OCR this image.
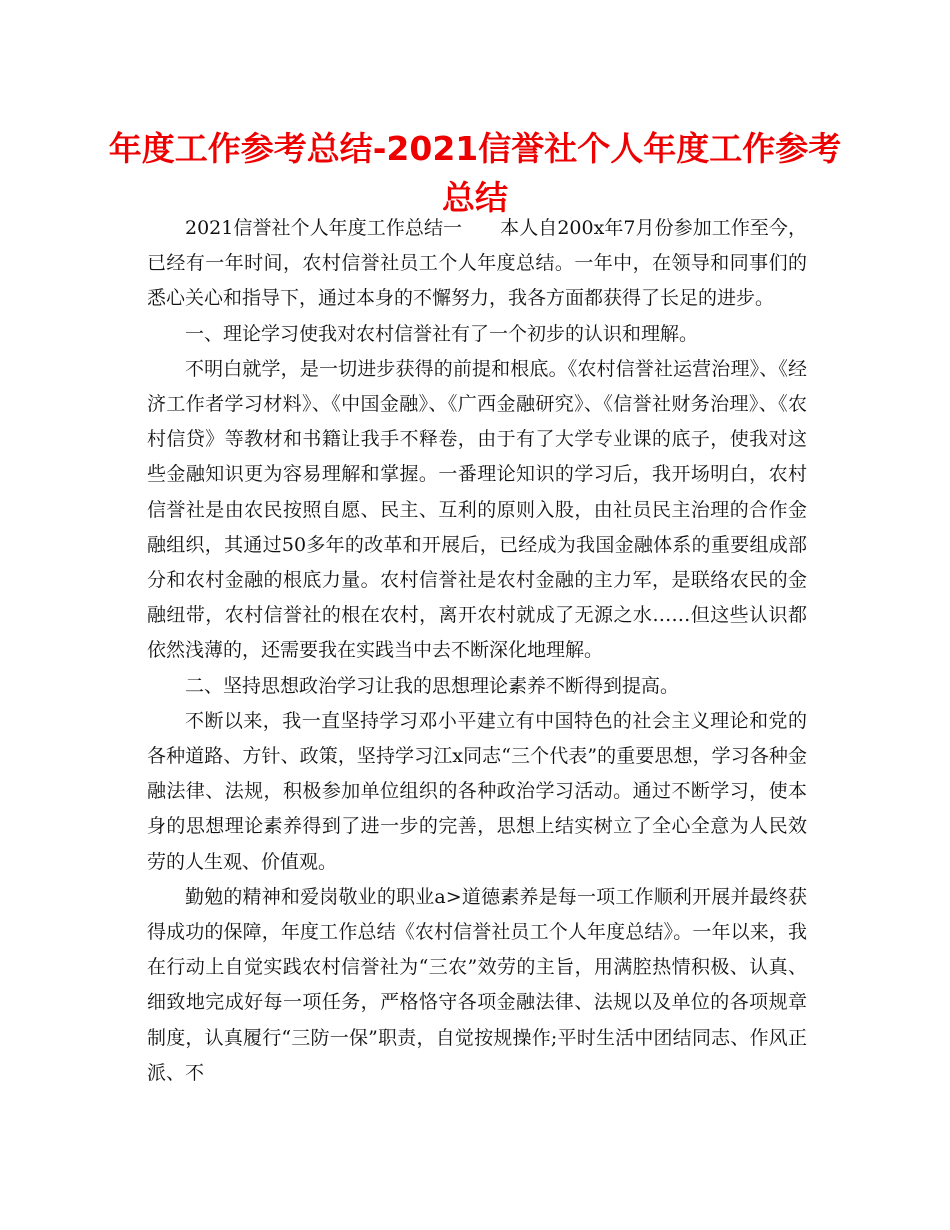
年度工作参考总结-2021信誉社个人年度工作参考总结

2021信誉社个人年度工作总结一　　本人自200x年7月份参加工作至今，已经有一年时间，农村信誉社员工个人年度总结。一年中，在领导和同事们的悉心关心和指导下，通过本身的不懈努力，我各方面都获得了长足的进步。

一、理论学习使我对农村信誉社有了一个初步的认识和理解。

不明白就学，是一切进步获得的前提和根底。《农村信誉社运营治理》、《经济工作者学习材料》、《中国金融》、《广西金融研究》、《信誉社财务治理》、《农村信贷》等教材和书籍让我手不释卷，由于有了大学专业课的底子，使我对这些金融知识更为容易理解和掌握。一番理论知识的学习后，我开场明白，农村信誉社是由农民按照自愿、民主、互利的原则入股，由社员民主治理的合作金融组织，其通过50多年的改革和开展后，已经成为我国金融体系的重要组成部分和农村金融的根底力量。农村信誉社是农村金融的主力军，是联络农民的金融纽带，农村信誉社的根在农村，离开农村就成了无源之水……但这些认识都依然浅薄的，还需要我在实践当中去不断深化地理解。

二、坚持思想政治学习让我的思想理论素养不断得到提高。

不断以来，我一直坚持学习邓小平建立有中国特色的社会主义理论和党的各种道路、方针、政策，坚持学习江x同志“三个代表”的重要思想，学习各种金融法律、法规，积极参加单位组织的各种政治学习活动。通过不断学习，使本身的思想理论素养得到了进一步的完善，思想上结实树立了全心全意为人民效劳的人生观、价值观。

勤勉的精神和爱岗敬业的职业a>道德素养是每一项工作顺利开展并最终获得成功的保障，年度工作总结《农村信誉社员工个人年度总结》。一年以来，我在行动上自觉实践农村信誉社为“三农”效劳的主旨，用满腔热情积极、认真、细致地完成好每一项任务，严格恪守各项金融法律、法规以及单位的各项规章制度，认真履行“三防一保”职责，自觉按规操作;平时生活中团结同志、作风正派、不
